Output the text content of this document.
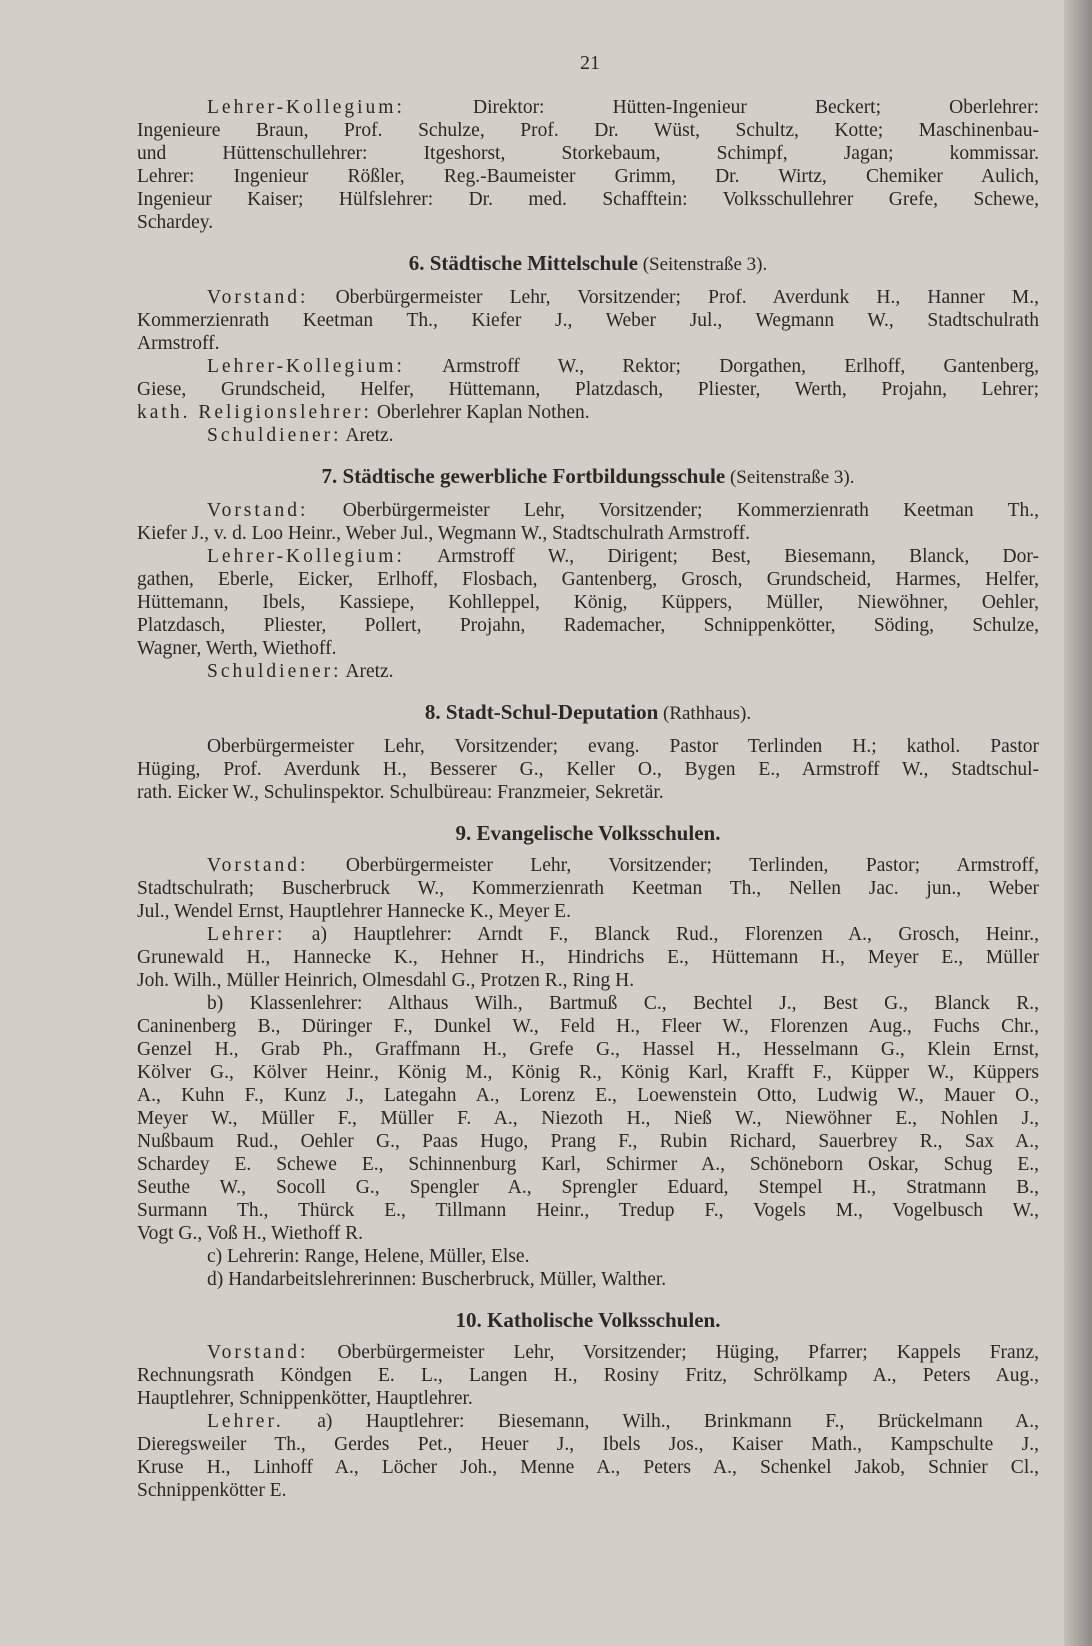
21
Lehrer-Kollegium: Direktor: Hütten-Ingenieur Beckert; Oberlehrer:
Ingenieure Braun, Prof. Schulze, Prof. Dr. Wüst, Schultz, Kotte; Maschinenbau-
und Hüttenschullehrer: Itgeshorst, Storkebaum, Schimpf, Jagan; kommissar.
Lehrer: Ingenieur Rößler, Reg.-Baumeister Grimm, Dr. Wirtz, Chemiker Aulich,
Ingenieur Kaiser; Hülfslehrer: Dr. med. Schafftein: Volksschullehrer Grefe, Schewe,
Schardey.
6. Städtische Mittelschule (Seitenstraße 3).
Vorstand: Oberbürgermeister Lehr, Vorsitzender; Prof. Averdunk H., Hanner M.,
Kommerzienrath Keetman Th., Kiefer J., Weber Jul., Wegmann W., Stadtschulrath
Armstroff.
Lehrer-Kollegium: Armstroff W., Rektor; Dorgathen, Erlhoff, Gantenberg,
Giese, Grundscheid, Helfer, Hüttemann, Platzdasch, Pliester, Werth, Projahn, Lehrer;
kath. Religionslehrer: Oberlehrer Kaplan Nothen.
Schuldiener: Aretz.
7. Städtische gewerbliche Fortbildungsschule (Seitenstraße 3).
Vorstand: Oberbürgermeister Lehr, Vorsitzender; Kommerzienrath Keetman Th.,
Kiefer J., v. d. Loo Heinr., Weber Jul., Wegmann W., Stadtschulrath Armstroff.
Lehrer-Kollegium: Armstroff W., Dirigent; Best, Biesemann, Blanck, Dor-
gathen, Eberle, Eicker, Erlhoff, Flosbach, Gantenberg, Grosch, Grundscheid, Harmes, Helfer,
Hüttemann, Ibels, Kassiepe, Kohlleppel, König, Küppers, Müller, Niewöhner, Oehler,
Platzdasch, Pliester, Pollert, Projahn, Rademacher, Schnippenkötter, Söding, Schulze,
Wagner, Werth, Wiethoff.
Schuldiener: Aretz.
8. Stadt-Schul-Deputation (Rathhaus).
Oberbürgermeister Lehr, Vorsitzender; evang. Pastor Terlinden H.; kathol. Pastor
Hüging, Prof. Averdunk H., Besserer G., Keller O., Bygen E., Armstroff W., Stadtschul-
rath. Eicker W., Schulinspektor. Schulbüreau: Franzmeier, Sekretär.
9. Evangelische Volksschulen.
Vorstand: Oberbürgermeister Lehr, Vorsitzender; Terlinden, Pastor; Armstroff,
Stadtschulrath; Buscherbruck W., Kommerzienrath Keetman Th., Nellen Jac. jun., Weber
Jul., Wendel Ernst, Hauptlehrer Hannecke K., Meyer E.
Lehrer: a) Hauptlehrer: Arndt F., Blanck Rud., Florenzen A., Grosch, Heinr.,
Grunewald H., Hannecke K., Hehner H., Hindrichs E., Hüttemann H., Meyer E., Müller
Joh. Wilh., Müller Heinrich, Olmesdahl G., Protzen R., Ring H.
b) Klassenlehrer: Althaus Wilh., Bartmuß C., Bechtel J., Best G., Blanck R.,
Caninenberg B., Düringer F., Dunkel W., Feld H., Fleer W., Florenzen Aug., Fuchs Chr.,
Genzel H., Grab Ph., Graffmann H., Grefe G., Hassel H., Hesselmann G., Klein Ernst,
Kölver G., Kölver Heinr., König M., König R., König Karl, Krafft F., Küpper W., Küppers
A., Kuhn F., Kunz J., Lategahn A., Lorenz E., Loewenstein Otto, Ludwig W., Mauer O.,
Meyer W., Müller F., Müller F. A., Niezoth H., Nieß W., Niewöhner E., Nohlen J.,
Nußbaum Rud., Oehler G., Paas Hugo, Prang F., Rubin Richard, Sauerbrey R., Sax A.,
Schardey E. Schewe E., Schinnenburg Karl, Schirmer A., Schöneborn Oskar, Schug E.,
Seuthe W., Socoll G., Spengler A., Sprengler Eduard, Stempel H., Stratmann B.,
Surmann Th., Thürck E., Tillmann Heinr., Tredup F., Vogels M., Vogelbusch W.,
Vogt G., Voß H., Wiethoff R.
c) Lehrerin: Range, Helene, Müller, Else.
d) Handarbeitslehrerinnen: Buscherbruck, Müller, Walther.
10. Katholische Volksschulen.
Vorstand: Oberbürgermeister Lehr, Vorsitzender; Hüging, Pfarrer; Kappels Franz,
Rechnungsrath Köndgen E. L., Langen H., Rosiny Fritz, Schrölkamp A., Peters Aug.,
Hauptlehrer, Schnippenkötter, Hauptlehrer.
Lehrer. a) Hauptlehrer: Biesemann, Wilh., Brinkmann F., Brückelmann A.,
Dieregsweiler Th., Gerdes Pet., Heuer J., Ibels Jos., Kaiser Math., Kampschulte J.,
Kruse H., Linhoff A., Löcher Joh., Menne A., Peters A., Schenkel Jakob, Schnier Cl.,
Schnippenkötter E.
